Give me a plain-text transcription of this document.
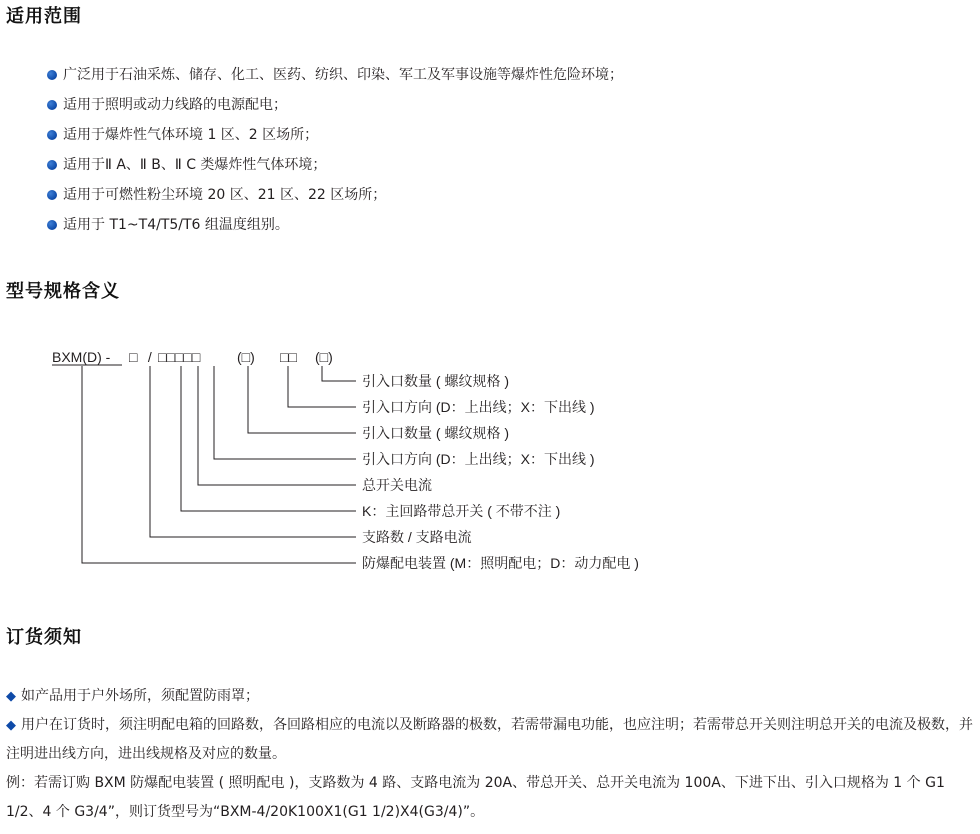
适用范围
广泛用于石油采炼、储存、化工、医药、纺织、印染、军工及军事设施等爆炸性危险环境；
适用于照明或动力线路的电源配电；
适用于爆炸性气体环境 1 区、2 区场所；
适用于Ⅱ A、Ⅱ B、Ⅱ C 类爆炸性气体环境；
适用于可燃性粉尘环境 20 区、21 区、22 区场所；
适用于 T1~T4/T5/T6 组温度组别。
型号规格含义
BXM(D) - □ / □□□□□	(□) □□ (□)
引入口数量 ( 螺纹规格 )
引入口方向 (D：上出线；X：下出线 )
引入口数量 ( 螺纹规格 )
引入口方向 (D：上出线；X：下出线 )
总开关电流
K：主回路带总开关 ( 不带不注 )
支路数 / 支路电流
防爆配电装置 (M：照明配电；D：动力配电 )
订货须知

◆ 如产品用于户外场所，须配置防雨罩；

◆ 用户在订货时，须注明配电箱的回路数，各回路相应的电流以及断路器的极数，若需带漏电功能，也应注明；若需带总开关则注明总开关的电流及极数，并注明进出线方向，进出线规格及对应的数量。

例：若需订购 BXM 防爆配电装置 ( 照明配电 )，支路数为 4 路、支路电流为 20A、带总开关、总开关电流为 100A、下进下出、引入口规格为 1 个 G1 1/2、4 个 G3/4”，则订货型号为“BXM-4/20K100X1(G1 1/2)X4(G3/4)”。
